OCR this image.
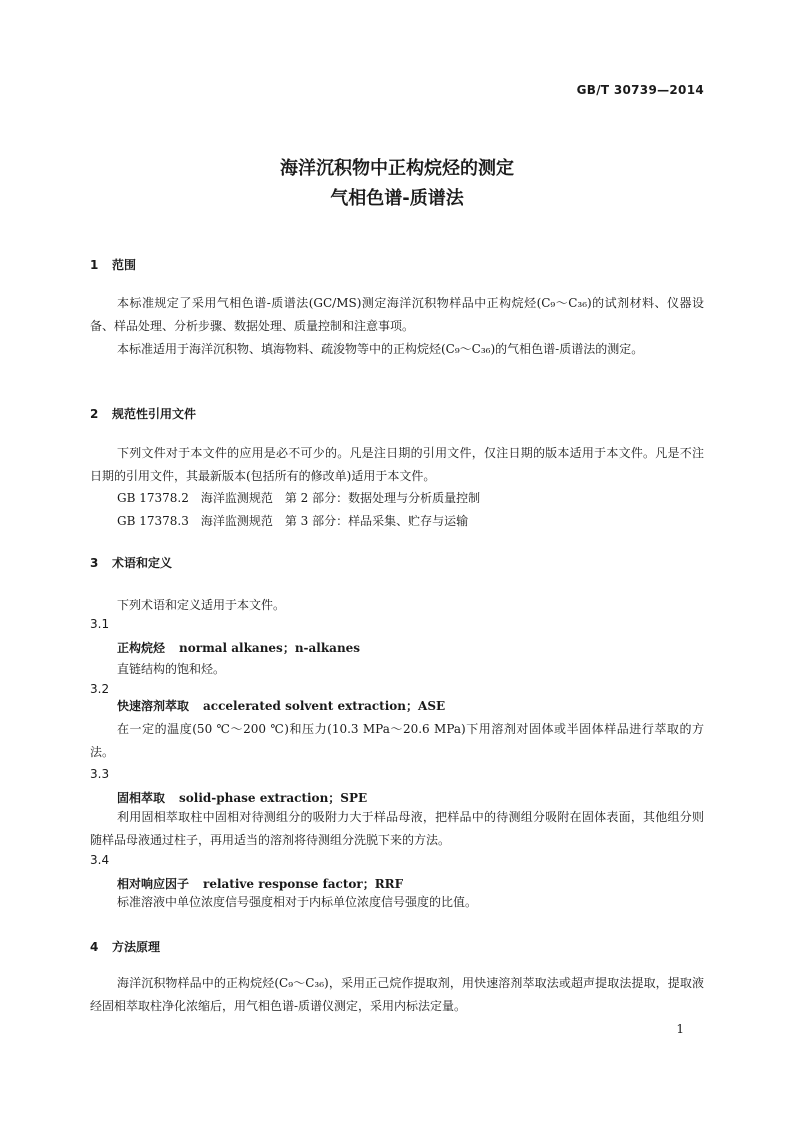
GB/T 30739—2014
海洋沉积物中正构烷烃的测定
气相色谱-质谱法
1 范围

本标准规定了采用气相色谱-质谱法(GC/MS)测定海洋沉积物样品中正构烷烃(C₉～C₃₆)的试剂材料、仪器设备、样品处理、分析步骤、数据处理、质量控制和注意事项。

本标准适用于海洋沉积物、填海物料、疏浚物等中的正构烷烃(C₉～C₃₆)的气相色谱-质谱法的测定。

2 规范性引用文件

下列文件对于本文件的应用是必不可少的。凡是注日期的引用文件，仅注日期的版本适用于本文件。凡是不注日期的引用文件，其最新版本(包括所有的修改单)适用于本文件。

GB 17378.2　海洋监测规范　第 2 部分：数据处理与分析质量控制
GB 17378.3　海洋监测规范　第 3 部分：样品采集、贮存与运输
3 术语和定义
下列术语和定义适用于本文件。
3.1
正构烷烃 normal alkanes；n-alkanes
直链结构的饱和烃。
3.2
快速溶剂萃取 accelerated solvent extraction；ASE

在一定的温度(50 ℃～200 ℃)和压力(10.3 MPa～20.6 MPa)下用溶剂对固体或半固体样品进行萃取的方法。

3.3
固相萃取 solid-phase extraction；SPE

利用固相萃取柱中固相对待测组分的吸附力大于样品母液，把样品中的待测组分吸附在固体表面，其他组分则随样品母液通过柱子，再用适当的溶剂将待测组分洗脱下来的方法。

3.4
相对响应因子 relative response factor；RRF
标准溶液中单位浓度信号强度相对于内标单位浓度信号强度的比值。
4 方法原理

海洋沉积物样品中的正构烷烃(C₉～C₃₆)，采用正己烷作提取剂，用快速溶剂萃取法或超声提取法提取，提取液经固相萃取柱净化浓缩后，用气相色谱-质谱仪测定，采用内标法定量。

1
